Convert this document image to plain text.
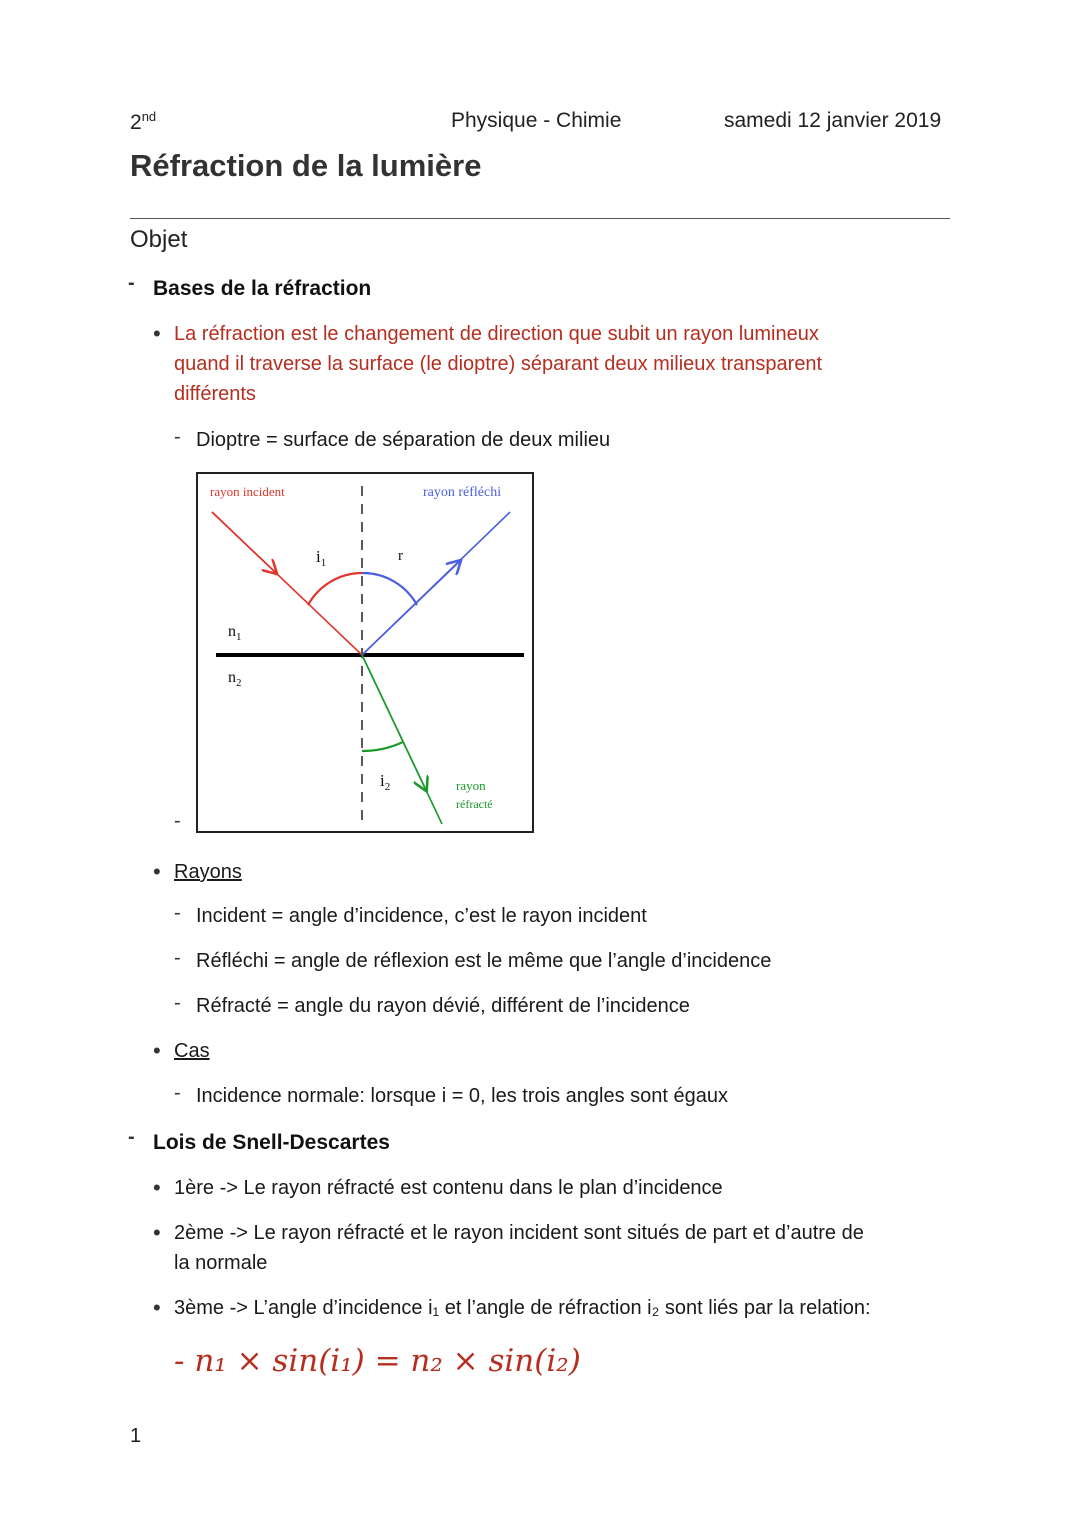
2nd	Physique - Chimie	samedi 12 janvier 2019
Réfraction de la lumière
Objet
- Bases de la réfraction
• La réfraction est le changement de direction que subit un rayon lumineux
quand il traverse la surface (le dioptre) séparant deux milieux transparent
différents
- Dioptre = surface de séparation de deux milieu
-
rayon incident	rayon réfléchi
rayon
réfracté
$i_1$	r
$i_2$
$n_1$
$n_2$
• Rayons
- Incident = angle d’incidence, c’est le rayon incident
- Réfléchi = angle de réflexion est le même que l’angle d’incidence
- Réfracté = angle du rayon dévié, différent de l’incidence
• Cas
- Incidence normale: lorsque i = 0, les trois angles sont égaux
- Lois de Snell-Descartes
• 1ère -> Le rayon réfracté est contenu dans le plan d’incidence
• 2ème -> Le rayon réfracté et le rayon incident sont situés de part et d’autre de
la normale
• 3ème -> L’angle d’incidence i₁ et l’angle de réfraction i₂ sont liés par la relation:
- n₁ × sin(i₁) = n₂ × sin(i₂)
1
